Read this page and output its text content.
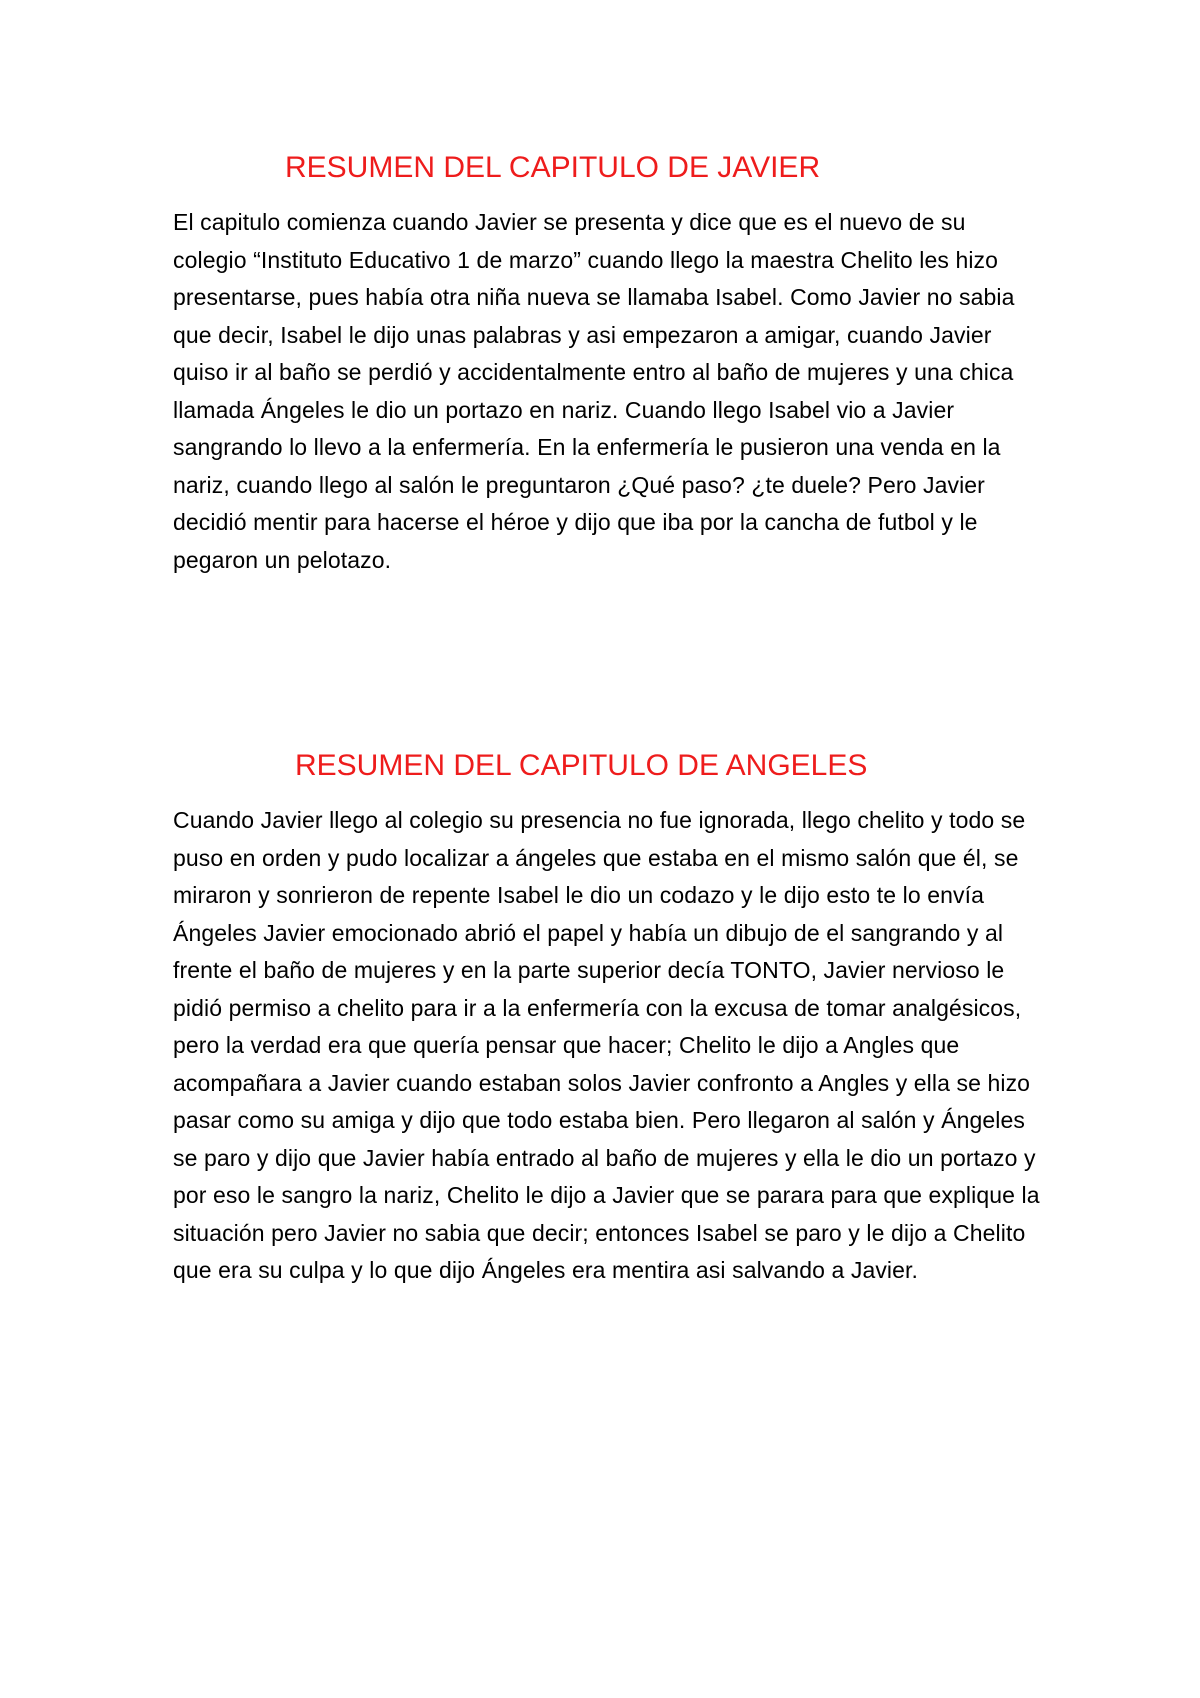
RESUMEN DEL CAPITULO DE JAVIER

El capitulo comienza cuando Javier se presenta y dice que es el nuevo de su colegio “Instituto Educativo 1 de marzo” cuando llego la maestra Chelito les hizo presentarse, pues había otra niña nueva se llamaba Isabel. Como Javier no sabia que decir, Isabel le dijo unas palabras y asi empezaron a amigar, cuando Javier quiso ir al baño se perdió y accidentalmente entro al baño de mujeres y una chica llamada Ángeles le dio un portazo en nariz. Cuando llego Isabel vio a Javier sangrando lo llevo a la enfermería. En la enfermería le pusieron una venda en la nariz, cuando llego al salón le preguntaron ¿Qué paso? ¿te duele? Pero Javier decidió mentir para hacerse el héroe y dijo que iba por la cancha de futbol y le pegaron un pelotazo.

RESUMEN DEL CAPITULO DE ANGELES

Cuando Javier llego al colegio su presencia no fue ignorada, llego chelito y todo se puso en orden y pudo localizar a ángeles que estaba en el mismo salón que él, se miraron y sonrieron de repente Isabel le dio un codazo y le dijo esto te lo envía Ángeles Javier emocionado abrió el papel y había un dibujo de el sangrando y al frente el baño de mujeres y en la parte superior decía TONTO, Javier nervioso le pidió permiso a chelito para ir a la enfermería con la excusa de tomar analgésicos, pero la verdad era que quería pensar que hacer; Chelito le dijo a Angles que acompañara a Javier cuando estaban solos Javier confronto a Angles y ella se hizo pasar como su amiga y dijo que todo estaba bien. Pero llegaron al salón y Ángeles se paro y dijo que Javier había entrado al baño de mujeres y ella le dio un portazo y por eso le sangro la nariz, Chelito le dijo a Javier que se parara para que explique la situación pero Javier no sabia que decir; entonces Isabel se paro y le dijo a Chelito que era su culpa y lo que dijo Ángeles era mentira asi salvando a Javier.
